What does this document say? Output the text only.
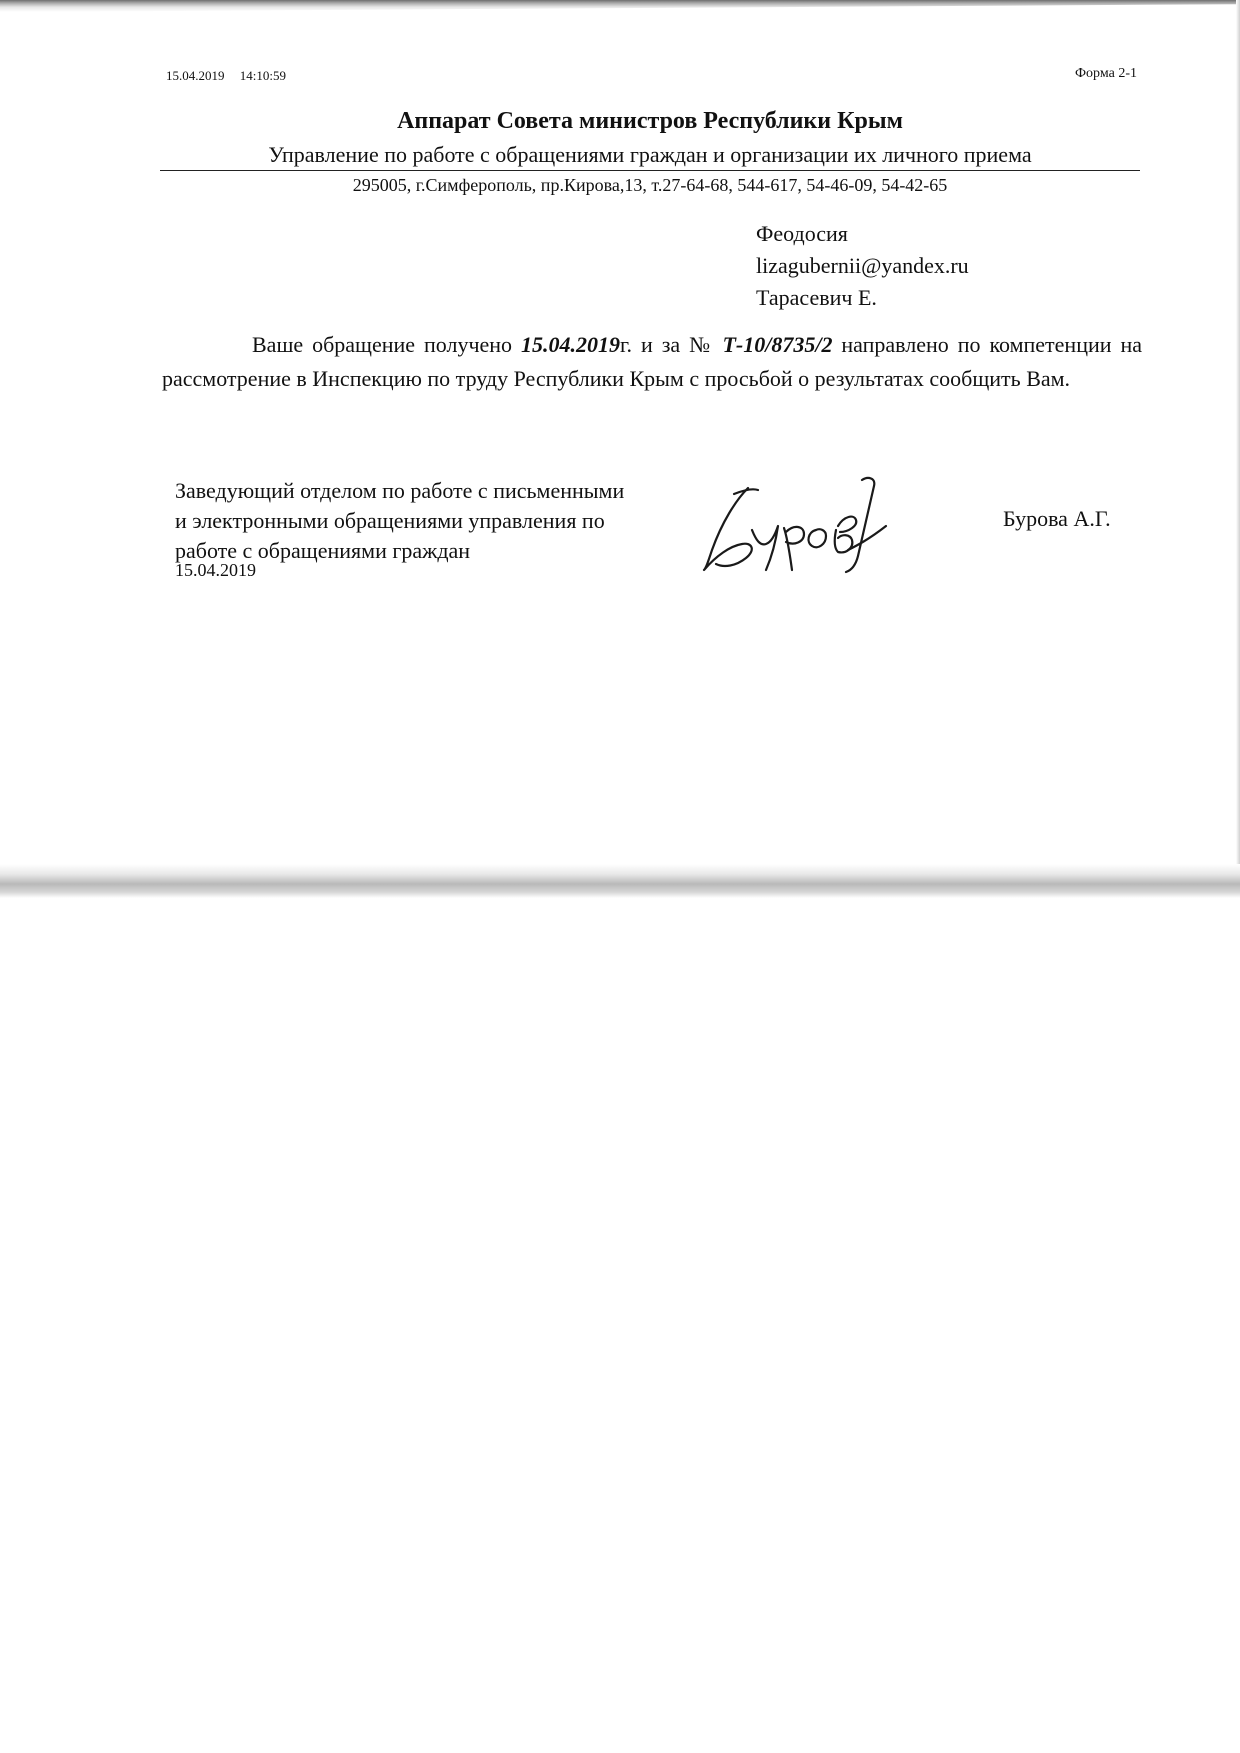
15.04.2019 14:10:59	Форма 2-1
Аппарат Совета министров Республики Крым
Управление по работе с обращениями граждан и организации их личного приема
295005, г.Симферополь, пр.Кирова,13, т.27-64-68, 544-617, 54-46-09, 54-42-65
Феодосия
lizagubernii@yandex.ru
Тарасевич Е.
Ваше обращение получено 15.04.2019г. и за № Т-10/8735/2 направлено по компетенции на рассмотрение в Инспекцию по труду Республики Крым с просьбой о результатах сообщить Вам.
Заведующий отделом по работе с письменными
и электронными обращениями управления по
работе с обращениями граждан
15.04.2019
Бурова А.Г.
